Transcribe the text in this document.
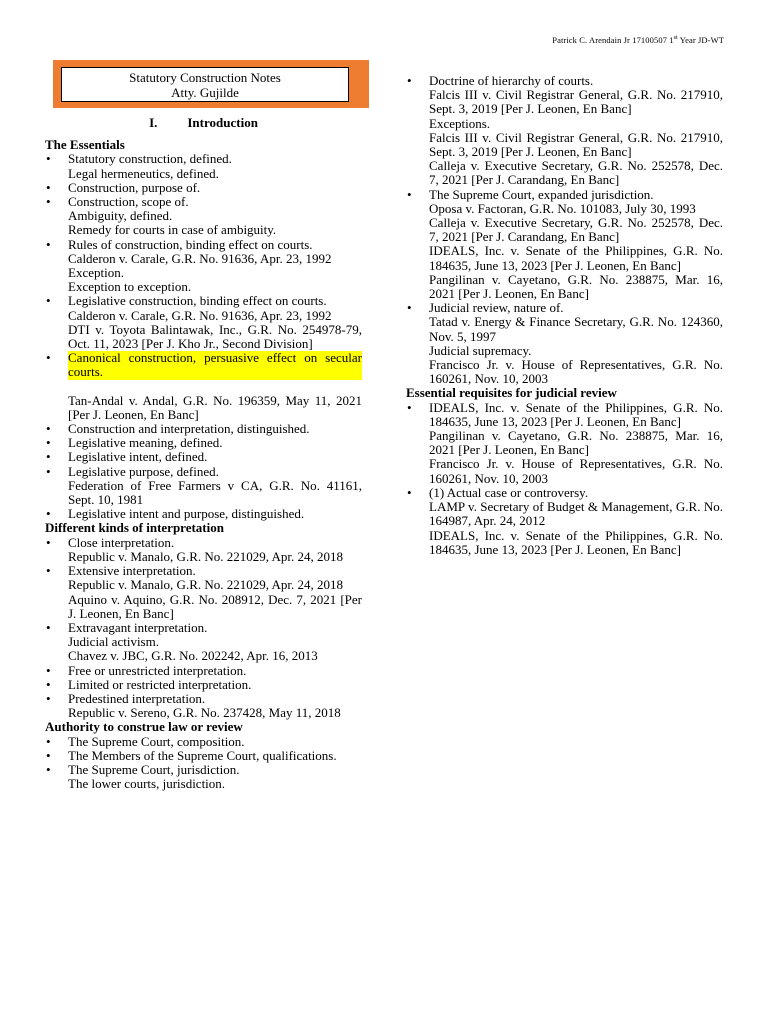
Patrick C. Arendain Jr 17100507 1st Year JD-WT
Statutory Construction Notes
Atty. Gujilde
I. Introduction
The Essentials
• Statutory construction, defined.
Legal hermeneutics, defined.
• Construction, purpose of.
• Construction, scope of.
Ambiguity, defined.
Remedy for courts in case of ambiguity.
• Rules of construction, binding effect on courts.
Calderon v. Carale, G.R. No. 91636, Apr. 23, 1992
Exception.
Exception to exception.
• Legislative construction, binding effect on courts.
Calderon v. Carale, G.R. No. 91636, Apr. 23, 1992
DTI v. Toyota Balintawak, Inc., G.R. No. 254978-79, Oct. 11, 2023 [Per J. Kho Jr., Second Division]
• Canonical construction, persuasive effect on secular courts.
Tan-Andal v. Andal, G.R. No. 196359, May 11, 2021 [Per J. Leonen, En Banc]
• Construction and interpretation, distinguished.
• Legislative meaning, defined.
• Legislative intent, defined.
• Legislative purpose, defined.
Federation of Free Farmers v CA, G.R. No. 41161, Sept. 10, 1981
• Legislative intent and purpose, distinguished.
Different kinds of interpretation
• Close interpretation.
Republic v. Manalo, G.R. No. 221029, Apr. 24, 2018
• Extensive interpretation.
Republic v. Manalo, G.R. No. 221029, Apr. 24, 2018
Aquino v. Aquino, G.R. No. 208912, Dec. 7, 2021 [Per J. Leonen, En Banc]
• Extravagant interpretation.
Judicial activism.
Chavez v. JBC, G.R. No. 202242, Apr. 16, 2013
• Free or unrestricted interpretation.
• Limited or restricted interpretation.
• Predestined interpretation.
Republic v. Sereno, G.R. No. 237428, May 11, 2018
Authority to construe law or review
• The Supreme Court, composition.
• The Members of the Supreme Court, qualifications.
• The Supreme Court, jurisdiction.
The lower courts, jurisdiction.
• Doctrine of hierarchy of courts.
Falcis III v. Civil Registrar General, G.R. No. 217910, Sept. 3, 2019 [Per J. Leonen, En Banc]
Exceptions.
Falcis III v. Civil Registrar General, G.R. No. 217910, Sept. 3, 2019 [Per J. Leonen, En Banc]
Calleja v. Executive Secretary, G.R. No. 252578, Dec. 7, 2021 [Per J. Carandang, En Banc]
• The Supreme Court, expanded jurisdiction.
Oposa v. Factoran, G.R. No. 101083, July 30, 1993
Calleja v. Executive Secretary, G.R. No. 252578, Dec. 7, 2021 [Per J. Carandang, En Banc]
IDEALS, Inc. v. Senate of the Philippines, G.R. No. 184635, June 13, 2023 [Per J. Leonen, En Banc]
Pangilinan v. Cayetano, G.R. No. 238875, Mar. 16, 2021 [Per J. Leonen, En Banc]
• Judicial review, nature of.
Tatad v. Energy & Finance Secretary, G.R. No. 124360, Nov. 5, 1997
Judicial supremacy.
Francisco Jr. v. House of Representatives, G.R. No. 160261, Nov. 10, 2003
Essential requisites for judicial review
• IDEALS, Inc. v. Senate of the Philippines, G.R. No. 184635, June 13, 2023 [Per J. Leonen, En Banc]
Pangilinan v. Cayetano, G.R. No. 238875, Mar. 16, 2021 [Per J. Leonen, En Banc]
Francisco Jr. v. House of Representatives, G.R. No. 160261, Nov. 10, 2003
• (1) Actual case or controversy.
LAMP v. Secretary of Budget & Management, G.R. No. 164987, Apr. 24, 2012
IDEALS, Inc. v. Senate of the Philippines, G.R. No. 184635, June 13, 2023 [Per J. Leonen, En Banc]
